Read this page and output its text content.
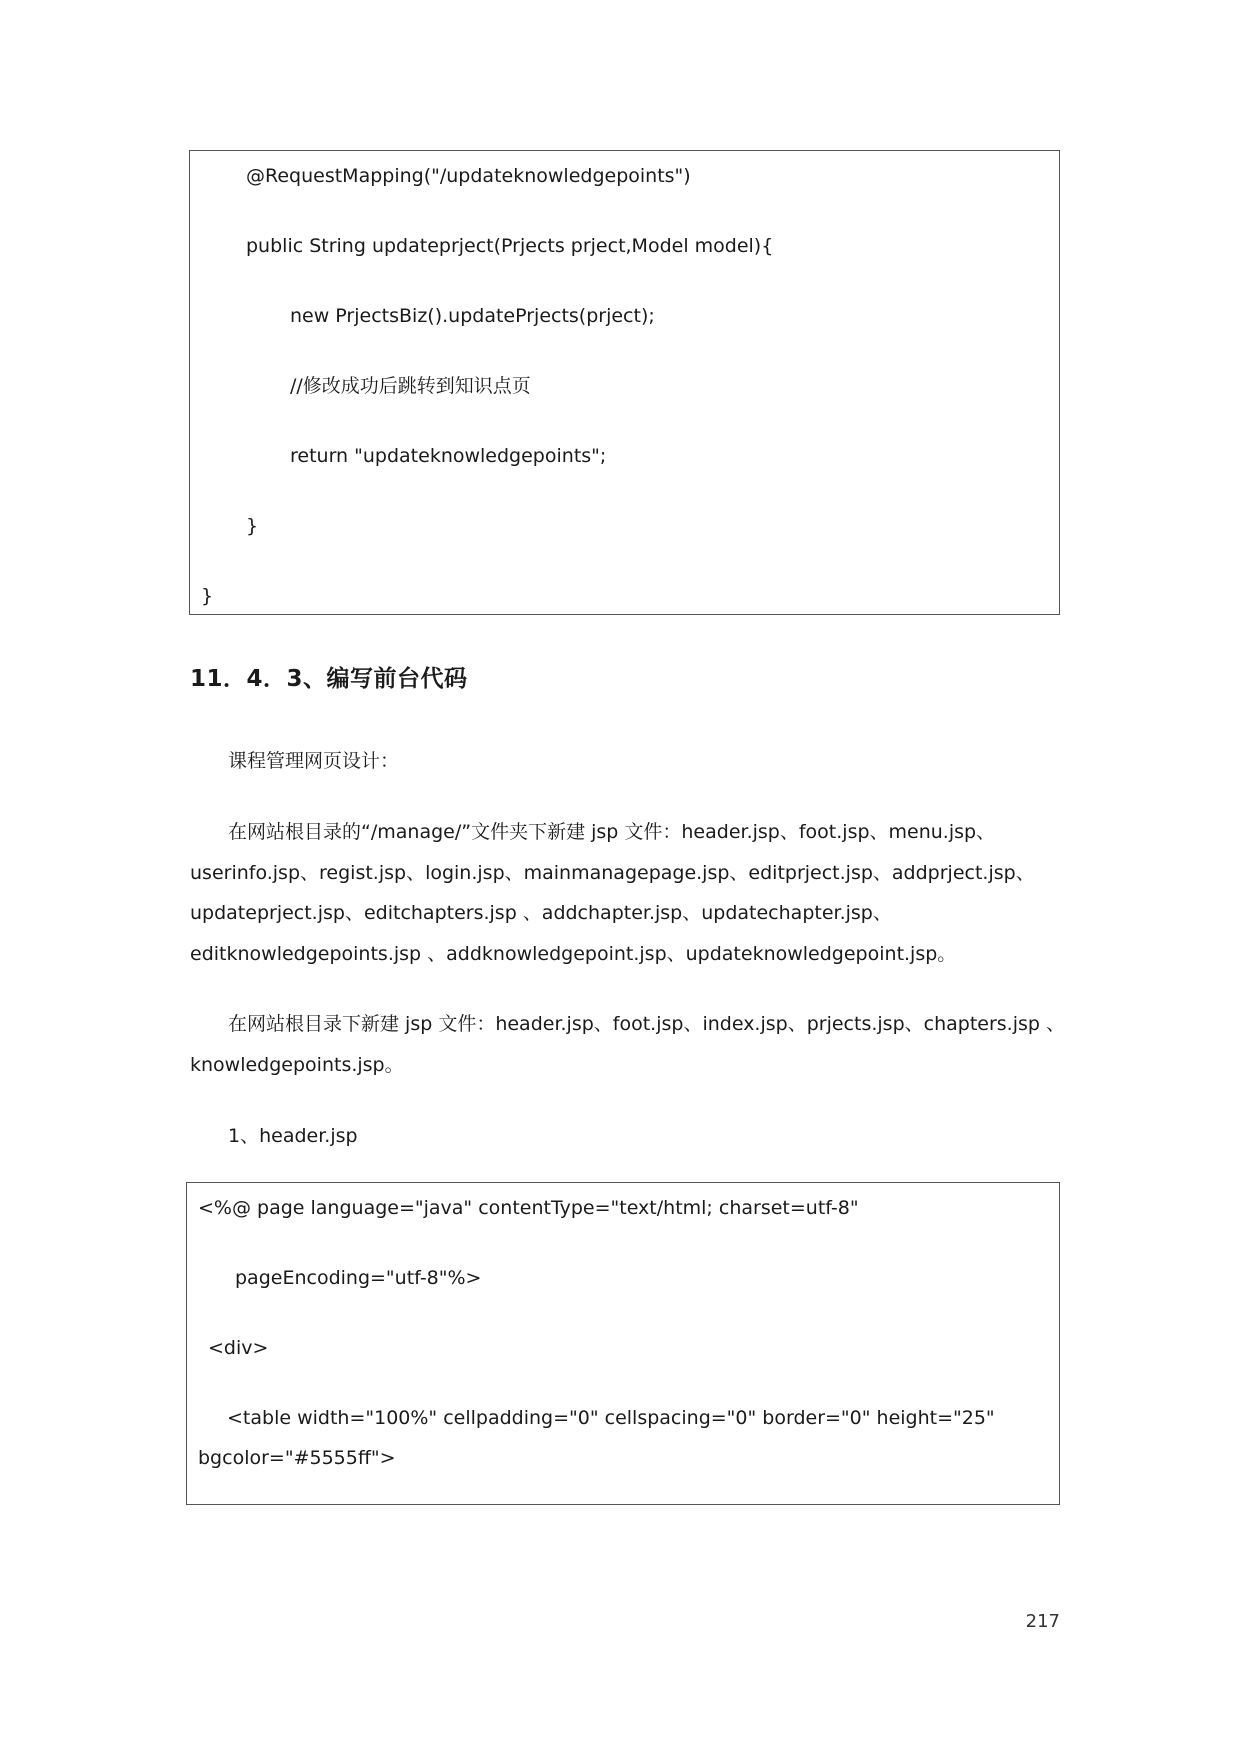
@RequestMapping("/updateknowledgepoints")
public String updateprject(Prjects prject,Model model){
new PrjectsBiz().updatePrjects(prject);
//修改成功后跳转到知识点页
return "updateknowledgepoints";
}
}
11．4．3、编写前台代码
课程管理网页设计：
在网站根目录的“/manage/”文件夹下新建 jsp 文件：header.jsp、foot.jsp、menu.jsp、userinfo.jsp、regist.jsp、login.jsp、mainmanagepage.jsp、editprject.jsp、addprject.jsp、updateprject.jsp、editchapters.jsp 、addchapter.jsp、updatechapter.jsp、editknowledgepoints.jsp 、addknowledgepoint.jsp、updateknowledgepoint.jsp。
在网站根目录下新建 jsp 文件：header.jsp、foot.jsp、index.jsp、prjects.jsp、chapters.jsp 、knowledgepoints.jsp。
1、header.jsp
<%@ page language="java" contentType="text/html; charset=utf-8"
pageEncoding="utf-8"%>
<div>
<table width="100%" cellpadding="0" cellspacing="0" border="0" height="25"
bgcolor="#5555ff">
217
